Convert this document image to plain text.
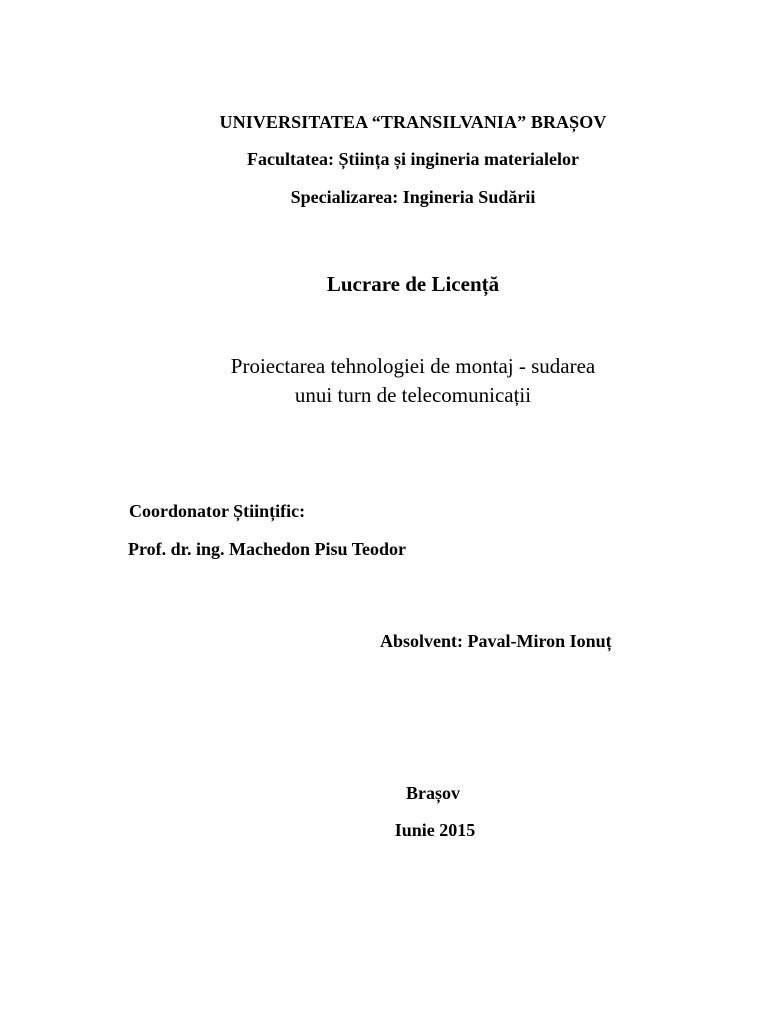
UNIVERSITATEA “TRANSILVANIA” BRAȘOV
Facultatea: Știința și ingineria materialelor
Specializarea: Ingineria Sudării
Lucrare de Licență
Proiectarea tehnologiei de montaj - sudarea
unui turn de telecomunicații
Coordonator Științific:
Prof. dr. ing. Machedon Pisu Teodor
Absolvent: Paval-Miron Ionuț
Brașov
Iunie 2015
